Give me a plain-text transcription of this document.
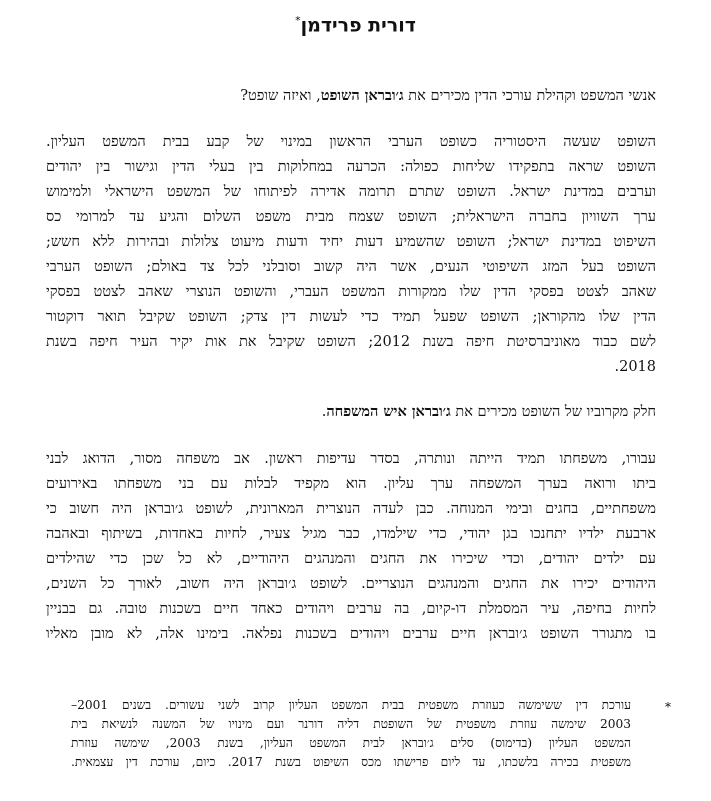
דורית פרידמן*
אנשי המשפט וקהילת עורכי הדין מכירים את ג׳ובראן השופט, ואיזה שופט?
השופט שעשה היסטוריה כשופט הערבי הראשון במינוי של קבע בבית המשפט העליון.
השופט שראה בתפקידו שליחות כפולה: הכרעה במחלוקות בין בעלי הדין וגישור בין יהודים
וערבים במדינת ישראל. השופט שתרם תרומה אדירה לפיתוחו של המשפט הישראלי ולמימוש
ערך השוויון בחברה הישראלית; השופט שצמח מבית משפט השלום והגיע עד למרומי כס
השיפוט במדינת ישראל; השופט שהשמיע דעות יחיד ודעות מיעוט צלולות ובהירות ללא חשש;
השופט בעל המזג השיפוטי הנעים, אשר היה קשוב וסובלני לכל צד באולם; השופט הערבי
שאהב לצטט בפסקי הדין שלו ממקורות המשפט העברי, והשופט הנוצרי שאהב לצטט בפסקי
הדין שלו מהקוראן; השופט שפעל תמיד כדי לעשות דין צדק; השופט שקיבל תואר דוקטור
לשם כבוד מאוניברסיטת חיפה בשנת 2012; השופט שקיבל את אות יקיר העיר חיפה בשנת
2018.
חלק מקרוביו של השופט מכירים את ג׳ובראן איש המשפחה.
עבורו, משפחתו תמיד הייתה ונותרה, בסדר עדיפות ראשון. אב משפחה מסור, הדואג לבני
ביתו ורואה בערך המשפחה ערך עליון. הוא מקפיד לבלות עם בני משפחתו באירועים
משפחתיים, בחגים ובימי המנוחה. כבן לעדה הנוצרית המארונית, לשופט ג׳ובראן היה חשוב כי
ארבעת ילדיו יתחנכו בגן יהודי, כדי שילמדו, כבר מגיל צעיר, לחיות באחדות, בשיתוף ובאהבה
עם ילדים יהודים, וכדי שיכירו את החגים והמנהגים היהודיים, לא כל שכן כדי שהילדים
היהודים יכירו את החגים והמנהגים הנוצריים. לשופט ג׳ובראן היה חשוב, לאורך כל השנים,
לחיות בחיפה, עיר המסמלת דו-קיום, בה ערבים ויהודים כאחד חיים בשכנות טובה. גם בבניין
בו מתגורר השופט ג׳ובראן חיים ערבים ויהודים בשכנות נפלאה. בימינו אלה, לא מובן מאליו
*
עורכת דין ששימשה כעוזרת משפטית בבית המשפט העליון קרוב לשני עשורים. בשנים 2001–
2003 שימשה עוזרת משפטית של השופטת דליה דורנר ועם מינויו של המשנה לנשיאת בית
המשפט העליון (בדימוס) סלים ג׳ובראן לבית המשפט העליון, בשנת 2003, שימשה עוזרת
משפטית בכירה בלשכתו, עד ליום פרישתו מכס השיפוט בשנת 2017. כיום, עורכת דין עצמאית.
